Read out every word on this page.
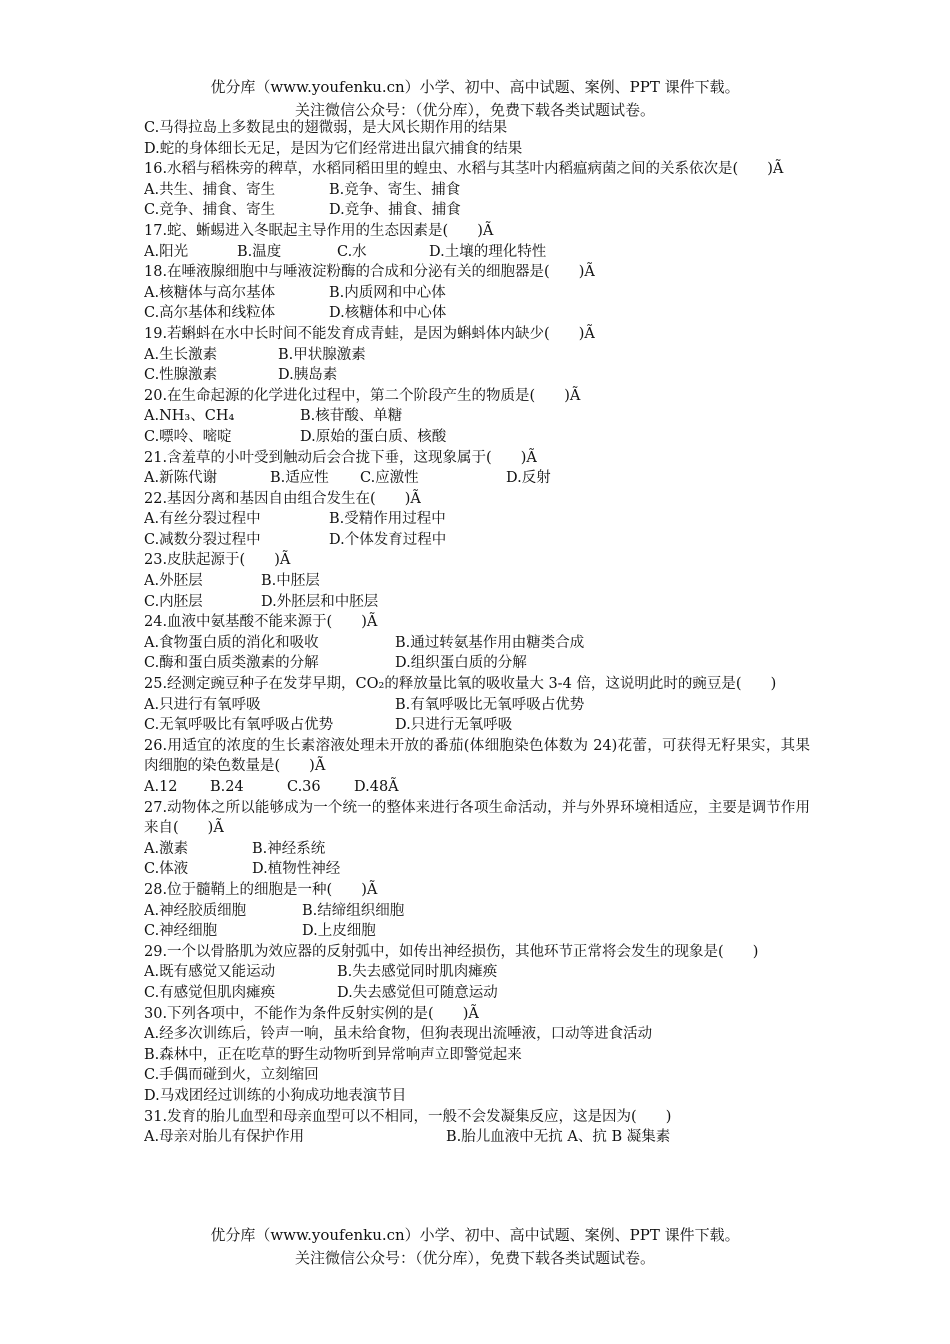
优分库（www.youfenku.cn）小学、初中、高中试题、案例、PPT 课件下载。
关注微信公众号：（优分库），免费下载各类试题试卷。
C.马得拉岛上多数昆虫的翅微弱，是大风长期作用的结果
D.蛇的身体细长无足，是因为它们经常进出鼠穴捕食的结果
16.水稻与稻株旁的稗草，水稻同稻田里的蝗虫、水稻与其茎叶内稻瘟病菌之间的关系依次是(　　)Ã
A.共生、捕食、寄生	B.竞争、寄生、捕食
C.竞争、捕食、寄生	D.竞争、捕食、捕食
17.蛇、蜥蜴进入冬眠起主导作用的生态因素是(　　)Ã
A.阳光	B.温度	C.水	D.土壤的理化特性
18.在唾液腺细胞中与唾液淀粉酶的合成和分泌有关的细胞器是(　　)Ã
A.核糖体与高尔基体	B.内质网和中心体
C.高尔基体和线粒体	D.核糖体和中心体
19.若蝌蚪在水中长时间不能发育成青蛙，是因为蝌蚪体内缺少(　　)Ã
A.生长激素	B.甲状腺激素
C.性腺激素	D.胰岛素
20.在生命起源的化学进化过程中，第二个阶段产生的物质是(　　)Ã
A.NH₃、CH₄	B.核苷酸、单糖
C.嘌呤、嘧啶	D.原始的蛋白质、核酸
21.含羞草的小叶受到触动后会合拢下垂，这现象属于(　　)Ã
A.新陈代谢	B.适应性 C.应激性	D.反射
22.基因分离和基因自由组合发生在(　　)Ã
A.有丝分裂过程中	B.受精作用过程中
C.减数分裂过程中	D.个体发育过程中
23.皮肤起源于(　　)Ã
A.外胚层	B.中胚层
C.内胚层	D.外胚层和中胚层
24.血液中氨基酸不能来源于(　　)Ã
A.食物蛋白质的消化和吸收	B.通过转氨基作用由糖类合成
C.酶和蛋白质类激素的分解	D.组织蛋白质的分解
25.经测定豌豆种子在发芽早期，CO₂的释放量比氧的吸收量大 3-4 倍，这说明此时的豌豆是(　　)
A.只进行有氧呼吸	B.有氧呼吸比无氧呼吸占优势
C.无氧呼吸比有氧呼吸占优势	D.只进行无氧呼吸
26.用适宜的浓度的生长素溶液处理未开放的番茄(体细胞染色体数为 24)花蕾，可获得无籽果实，其果肉细胞的染色数量是(　　)Ã
A.12 B.24	C.36 D.48Ã
27.动物体之所以能够成为一个统一的整体来进行各项生命活动，并与外界环境相适应，主要是调节作用来自(　　)Ã
A.激素	B.神经系统
C.体液	D.植物性神经
28.位于髓鞘上的细胞是一种(　　)Ã
A.神经胶质细胞	B.结缔组织细胞
C.神经细胞	D.上皮细胞
29.一个以骨胳肌为效应器的反射弧中，如传出神经损伤，其他环节正常将会发生的现象是(　　)
A.既有感觉又能运动	B.失去感觉同时肌肉瘫痪
C.有感觉但肌肉瘫痪	D.失去感觉但可随意运动
30.下列各项中，不能作为条件反射实例的是(　　)Ã
A.经多次训练后，铃声一响，虽未给食物，但狗表现出流唾液，口动等进食活动
B.森林中，正在吃草的野生动物听到异常响声立即警觉起来
C.手偶而碰到火，立刻缩回
D.马戏团经过训练的小狗成功地表演节目
31.发育的胎儿血型和母亲血型可以不相同，一般不会发凝集反应，这是因为(　　)
A.母亲对胎儿有保护作用	B.胎儿血液中无抗 A、抗 B 凝集素
优分库（www.youfenku.cn）小学、初中、高中试题、案例、PPT 课件下载。
关注微信公众号：（优分库），免费下载各类试题试卷。
